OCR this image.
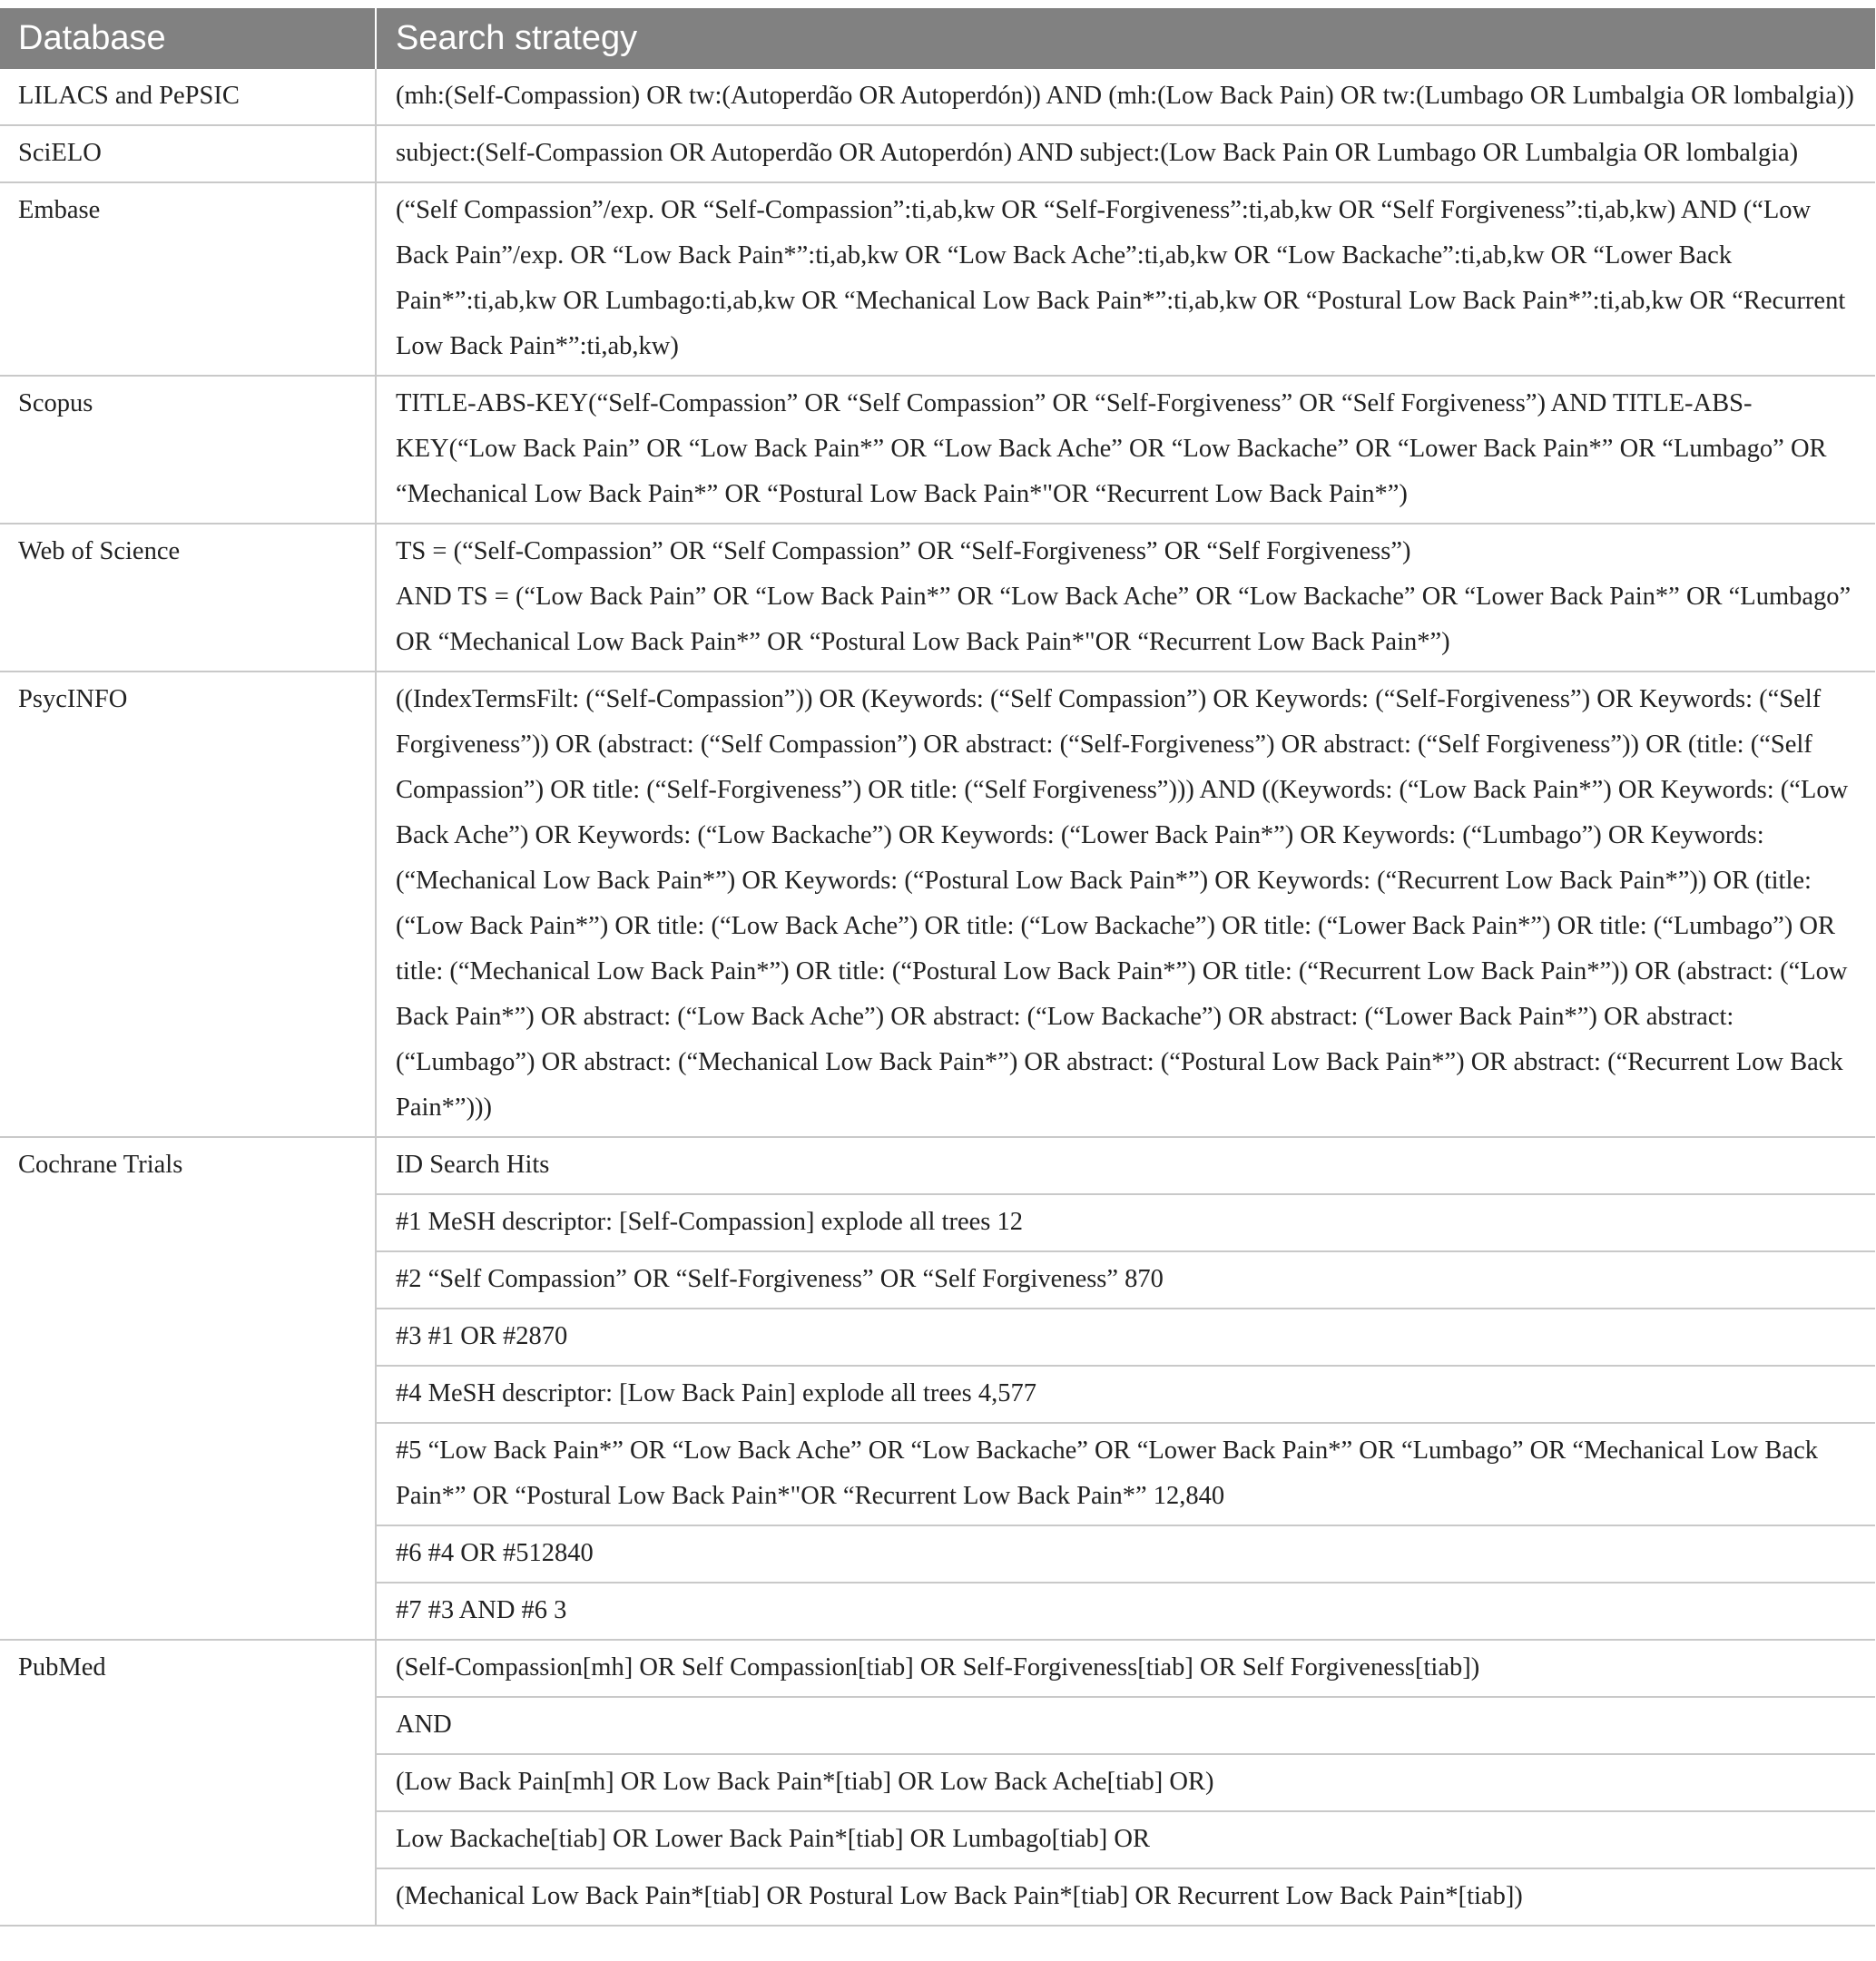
Database	Search strategy
LILACS and PePSIC	(mh:(Self-Compassion) OR tw:(Autoperdão OR Autoperdón)) AND (mh:(Low Back Pain) OR tw:(Lumbago OR Lumbalgia OR lombalgia))
SciELO	subject:(Self-Compassion OR Autoperdão OR Autoperdón) AND subject:(Low Back Pain OR Lumbago OR Lumbalgia OR lombalgia)
Embase	(“Self Compassion”/exp. OR “Self-Compassion”:ti,ab,kw OR “Self-Forgiveness”:ti,ab,kw OR “Self Forgiveness”:ti,ab,kw) AND (“Low Back Pain”/exp. OR “Low Back Pain*”:ti,ab,kw OR “Low Back Ache”:ti,ab,kw OR “Low Backache”:ti,ab,kw OR “Lower Back Pain*”:ti,ab,kw OR Lumbago:ti,ab,kw OR “Mechanical Low Back Pain*”:ti,ab,kw OR “Postural Low Back Pain*”:ti,ab,kw OR “Recurrent Low Back Pain*”:ti,ab,kw)
Scopus	TITLE-ABS-KEY(“Self-Compassion” OR “Self Compassion” OR “Self-Forgiveness” OR “Self Forgiveness”) AND TITLE-ABS-KEY(“Low Back Pain” OR “Low Back Pain*” OR “Low Back Ache” OR “Low Backache” OR “Lower Back Pain*” OR “Lumbago” OR “Mechanical Low Back Pain*” OR “Postural Low Back Pain*"OR “Recurrent Low Back Pain*”)
Web of Science	TS = (“Self-Compassion” OR “Self Compassion” OR “Self-Forgiveness” OR “Self Forgiveness”)
AND TS = (“Low Back Pain” OR “Low Back Pain*” OR “Low Back Ache” OR “Low Backache” OR “Lower Back Pain*” OR “Lumbago” OR “Mechanical Low Back Pain*” OR “Postural Low Back Pain*"OR “Recurrent Low Back Pain*”)

PsycINFO	((IndexTermsFilt: (“Self-Compassion”)) OR (Keywords: (“Self Compassion”) OR Keywords: (“Self-Forgiveness”) OR Keywords: (“Self Forgiveness”)) OR (abstract: (“Self Compassion”) OR abstract: (“Self-Forgiveness”) OR abstract: (“Self Forgiveness”)) OR (title: (“Self Compassion”) OR title: (“Self-Forgiveness”) OR title: (“Self Forgiveness”))) AND ((Keywords: (“Low Back Pain*”) OR Keywords: (“Low Back Ache”) OR Keywords: (“Low Backache”) OR Keywords: (“Lower Back Pain*”) OR Keywords: (“Lumbago”) OR Keywords: (“Mechanical Low Back Pain*”) OR Keywords: (“Postural Low Back Pain*”) OR Keywords: (“Recurrent Low Back Pain*”)) OR (title: (“Low Back Pain*”) OR title: (“Low Back Ache”) OR title: (“Low Backache”) OR title: (“Lower Back Pain*”) OR title: (“Lumbago”) OR title: (“Mechanical Low Back Pain*”) OR title: (“Postural Low Back Pain*”) OR title: (“Recurrent Low Back Pain*”)) OR (abstract: (“Low Back Pain*”) OR abstract: (“Low Back Ache”) OR abstract: (“Low Backache”) OR abstract: (“Lower Back Pain*”) OR abstract: (“Lumbago”) OR abstract: (“Mechanical Low Back Pain*”) OR abstract: (“Postural Low Back Pain*”) OR abstract: (“Recurrent Low Back Pain*”)))
Cochrane Trials	ID Search Hits
	#1 MeSH descriptor: [Self-Compassion] explode all trees 12
	#2 “Self Compassion” OR “Self-Forgiveness” OR “Self Forgiveness” 870
	#3 #1 OR #2870
	#4 MeSH descriptor: [Low Back Pain] explode all trees 4,577
	#5 “Low Back Pain*” OR “Low Back Ache” OR “Low Backache” OR “Lower Back Pain*” OR “Lumbago” OR “Mechanical Low Back Pain*” OR “Postural Low Back Pain*"OR “Recurrent Low Back Pain*” 12,840
	#6 #4 OR #512840
	#7 #3 AND #6 3
PubMed	(Self-Compassion[mh] OR Self Compassion[tiab] OR Self-Forgiveness[tiab] OR Self Forgiveness[tiab])
	AND
	(Low Back Pain[mh] OR Low Back Pain*[tiab] OR Low Back Ache[tiab] OR)
	Low Backache[tiab] OR Lower Back Pain*[tiab] OR Lumbago[tiab] OR
	(Mechanical Low Back Pain*[tiab] OR Postural Low Back Pain*[tiab] OR Recurrent Low Back Pain*[tiab])
